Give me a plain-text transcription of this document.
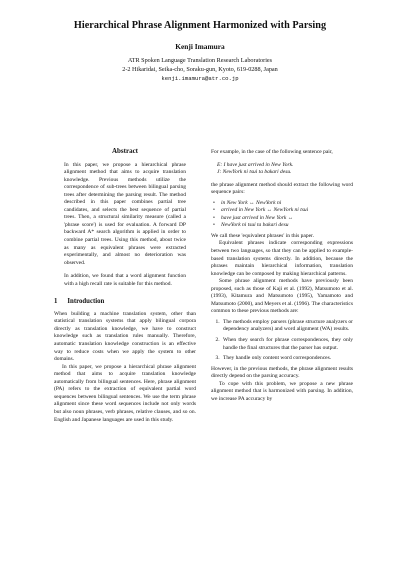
Hierarchical Phrase Alignment Harmonized with Parsing
Kenji Imamura
ATR Spoken Language Translation Research Laboratories
2-2 Hikaridai, Seika-cho, Soraku-gun, Kyoto, 619-0288, Japan
kenji.imamura@atr.co.jp
Abstract

In this paper, we propose a hierarchical phrase alignment method that aims to acquire translation knowledge. Previous methods utilize the correspondence of sub-trees between bilingual parsing trees after determining the parsing result. The method described in this paper combines partial tree candidates, and selects the best sequence of partial trees. Then, a structural similarity measure (called a 'phrase score') is used for evaluation. A forward DP backward A* search algorithm is applied in order to combine partial trees. Using this method, about twice as many as equivalent phrases were extracted experimentally, and almost no deterioration was observed.

In addition, we found that a word alignment function with a high recall rate is suitable for this method.

1 Introduction

When building a machine translation system, other than statistical translation systems that apply bilingual corpora directly as translation knowledge, we have to construct knowledge such as translation rules manually. Therefore, automatic translation knowledge construction is an effective way to reduce costs when we apply the system to other domains.

In this paper, we propose a hierarchical phrase alignment method that aims to acquire translation knowledge automatically from bilingual sentences. Here, phrase alignment (PA) refers to the extraction of equivalent partial word sequences between bilingual sentences. We use the term phrase alignment since these word sequences include not only words but also noun phrases, verb phrases, relative clauses, and so on. English and Japanese languages are used in this study.

For example, in the case of the following sentence pair,

E: I have just arrived in New York.
J: NewYork ni tsui ta bakari desu.

the phrase alignment method should extract the following word sequence pairs:

• in New York ↔ NewYork ni
• arrived in New York ↔ NewYork ni tsui
• have just arrived in New York ↔
• NewYork ni tsui ta bakari desu

We call these 'equivalent phrases' in this paper.

Equivalent phrases indicate corresponding expressions between two languages, so that they can be applied to example-based translation systems directly. In addition, because the phrases maintain hierarchical information, translation knowledge can be composed by making hierarchical patterns.

Some phrase alignment methods have previously been proposed, such as those of Kaji et al. (1992), Matsumoto et al. (1993), Kitamura and Matsumoto (1995), Yamamoto and Matsumoto (2000), and Meyers et al. (1996). The characteristics common to these previous methods are:

1. The methods employ parsers (phrase structure analyzers or dependency analyzers) and word alignment (WA) results.
2. When they search for phrase correspondences, they only handle the final structures that the parser has output.
3. They handle only content word correspondences.

However, in the previous methods, the phrase alignment results directly depend on the parsing accuracy.

To cope with this problem, we propose a new phrase alignment method that is harmonized with parsing. In addition, we increase PA accuracy by
